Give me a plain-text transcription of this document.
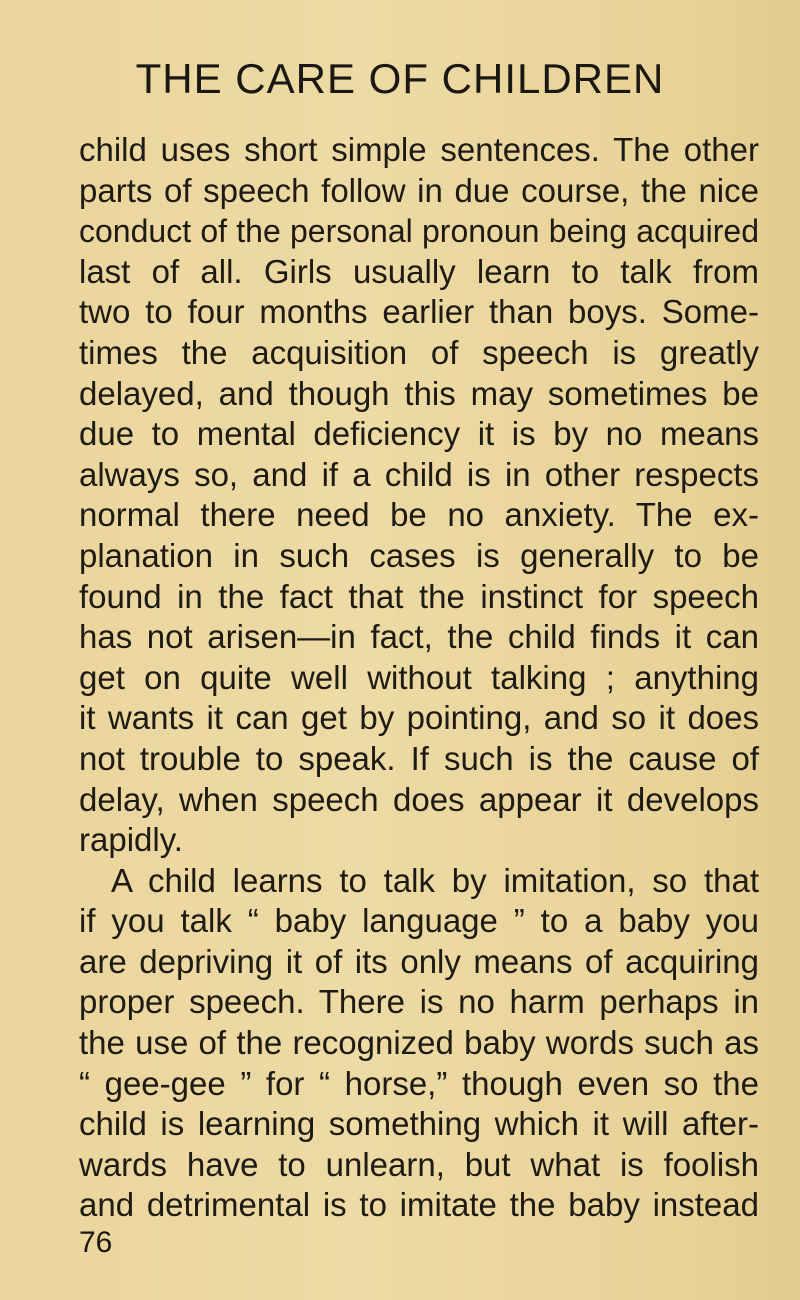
THE CARE OF CHILDREN
child uses short simple sentences. The other
parts of speech follow in due course, the nice
conduct of the personal pronoun being acquired
last of all. Girls usually learn to talk from
two to four months earlier than boys. Some-
times the acquisition of speech is greatly
delayed, and though this may sometimes be
due to mental deficiency it is by no means
always so, and if a child is in other respects
normal there need be no anxiety. The ex-
planation in such cases is generally to be
found in the fact that the instinct for speech
has not arisen—in fact, the child finds it can
get on quite well without talking ; anything
it wants it can get by pointing, and so it does
not trouble to speak. If such is the cause of
delay, when speech does appear it develops
rapidly.
A child learns to talk by imitation, so that
if you talk “ baby language ” to a baby you
are depriving it of its only means of acquiring
proper speech. There is no harm perhaps in
the use of the recognized baby words such as
“ gee-gee ” for “ horse,” though even so the
child is learning something which it will after-
wards have to unlearn, but what is foolish
and detrimental is to imitate the baby instead
76
